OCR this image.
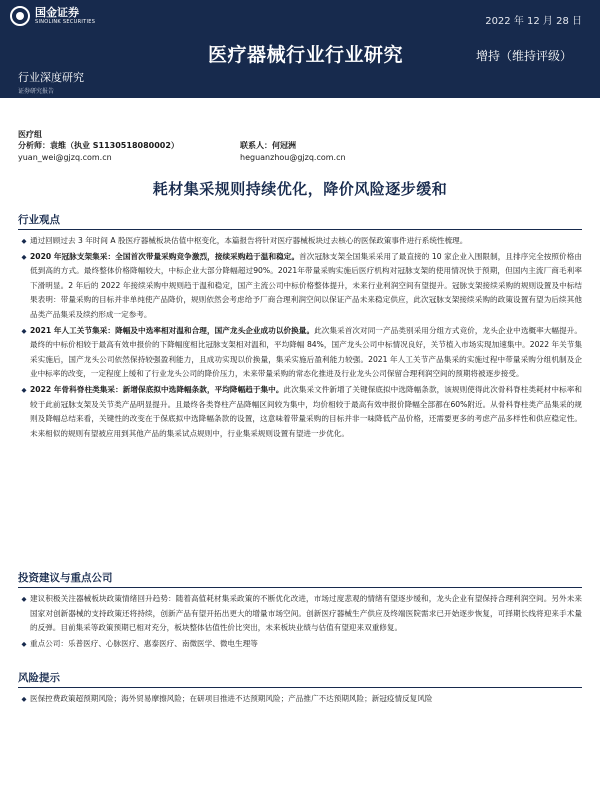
国金证券
SINOLINK SECURITIES	2022 年 12 月 28 日
医疗器械行业行业研究	增持（维持评级）
行业深度研究
证券研究报告
医疗组
分析师：袁维（执业 S1130518080002）	联系人：何冠洲
yuan_wei@gjzq.com.cn	heguanzhou@gjzq.com.cn
耗材集采规则持续优化，降价风险逐步缓和
行业观点
◆ 通过回顾过去 3 年时间 A 股医疗器械板块估值中枢变化，本篇报告将针对医疗器械板块过去核心的医保政策事件进行系统性梳理。
◆ 2020 年冠脉支架集采：全国首次带量采购竞争激烈，接续采购趋于温和稳定。首次冠脉支架全国集采采用了最直接的 10 家企业入围限制，且排序完全按照价格由低到高的方式。最终整体价格降幅较大，中标企业大部分降幅超过90%。2021年带量采购实施后医疗机构对冠脉支架的使用情况快于预期，但国内主流厂商毛利率下滑明显。2 年后的 2022 年接续采购中规则趋于温和稳定，国产主流公司中标价格整体提升，未来行业利润空间有望提升。冠脉支架接续采购的规则设置及中标结果表明：带量采购的目标并非单纯使产品降价，规则依然会考虑给予厂商合理利润空间以保证产品未来稳定供应，此次冠脉支架接续采购的政策设置有望为后续其他品类产品集采及续约形成一定参考。
◆ 2021 年人工关节集采：降幅及中选率相对温和合理，国产龙头企业成功以价换量。此次集采首次对同一产品类别采用分组方式竞价，龙头企业中选概率大幅提升。最终的中标价相较于最高有效申报价的下降幅度相比冠脉支架相对温和，平均降幅 84%，国产龙头公司中标情况良好，关节植入市场实现加速集中。2022 年关节集采实施后，国产龙头公司依然保持较强盈利能力，且成功实现以价换量，集采实施后盈利能力较强。2021 年人工关节产品集采的实施过程中带量采购分组机制及企业中标率的改变，一定程度上缓和了行业龙头公司的降价压力，未来带量采购的常态化推进及行业龙头公司保留合理利润空间的预期将被逐步接受。
◆ 2022 年骨科脊柱类集采：新增保底拟中选降幅条款，平均降幅趋于集中。此次集采文件新增了关键保底拟中选降幅条款，该规则使得此次骨科脊柱类耗材中标率和较于此前冠脉支架及关节类产品明显提升。且最终各类脊柱产品降幅区间较为集中，均价相较于最高有效申报价降幅全部都在60%附近。从骨科脊柱类产品集采的规则及降幅总结来看，关键性的改变在于保底拟中选降幅条款的设置，这意味着带量采购的目标并非一味降低产品价格，还需要更多的考虑产品多样性和供应稳定性。未来相似的规则有望被应用到其他产品的集采试点规则中，行业集采规则设置有望进一步优化。
投资建议与重点公司
◆ 建议积极关注器械板块政策情绪回升趋势：随着高值耗材集采政策的不断优化改进，市场过度悲观的情绪有望逐步缓和，龙头企业有望保持合理利润空间。另外未来国家对创新器械的支持政策还将持续，创新产品有望开拓出更大的增量市场空间。创新医疗器械生产供应及终端医院需求已开始逐步恢复，可择期长线将迎来手术量的反弹。目前集采等政策预期已相对充分，板块整体估值性价比突出，未来板块业绩与估值有望迎来双重修复。
◆ 重点公司：乐普医疗、心脉医疗、惠泰医疗、南微医学、微电生理等
风险提示
◆ 医保控费政策超预期风险；海外贸易摩擦风险；在研项目推进不达预期风险；产品推广不达预期风险；新冠疫情反复风险
